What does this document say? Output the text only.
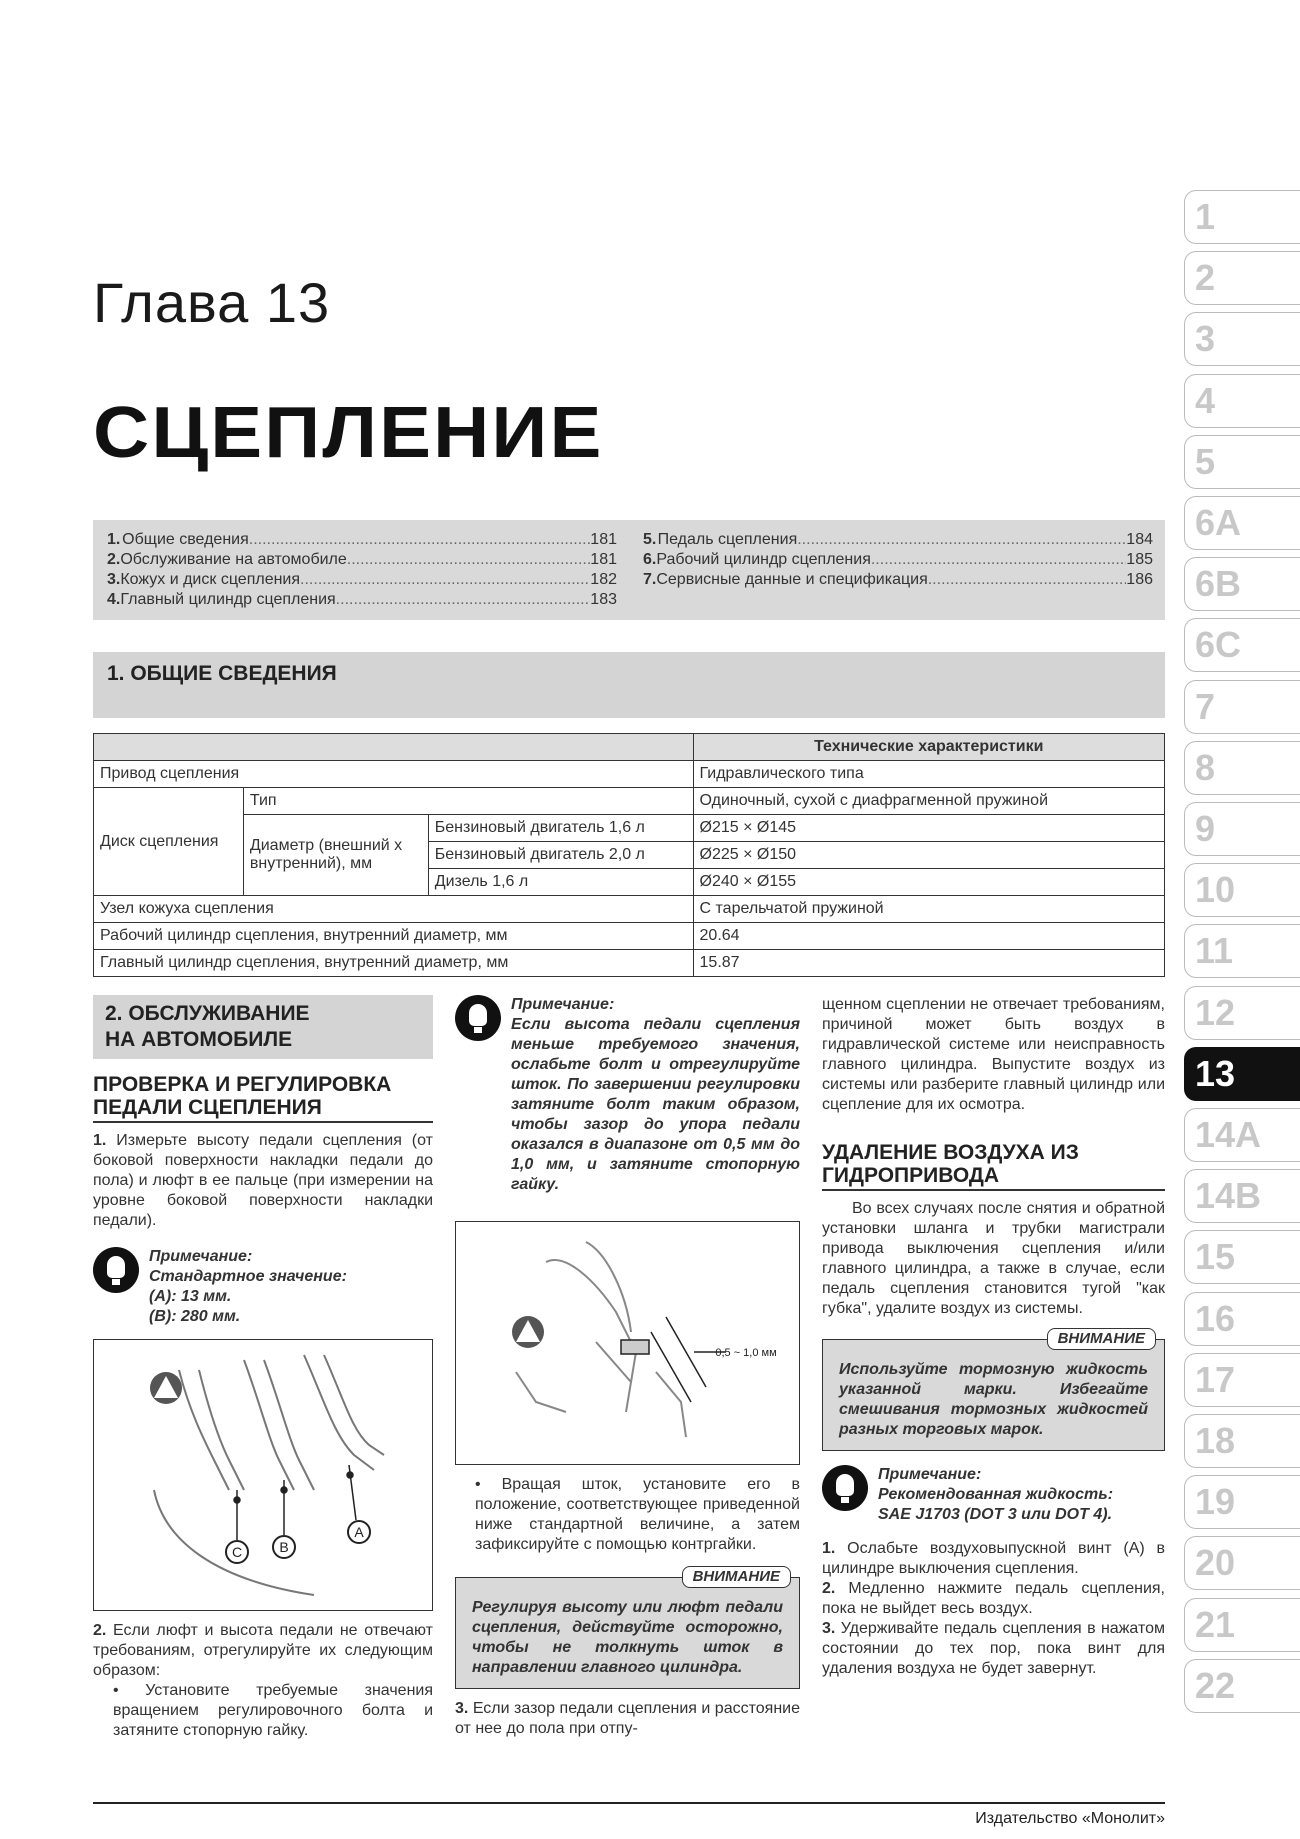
Глава 13
СЦЕПЛЕНИЕ
1. Общие сведения .....	181
2. Обслуживание на автомобиле .....	181
3. Кожух и диск сцепления .....	182
4. Главный цилиндр сцепления .....	183
5. Педаль сцепления .....	184
6. Рабочий цилиндр сцепления .....	185
7. Сервисные данные и спецификация .....	186
1. ОБЩИЕ СВЕДЕНИЯ
			Технические характеристики
Привод сцепления			Гидравлического типа
Диск сцепления	Тип		Одиночный, сухой с диафрагменной пружиной
	Диаметр (внешний x внутренний), мм	Бензиновый двигатель 1,6 л	Ø215 × Ø145
		Бензиновый двигатель 2,0 л	Ø225 × Ø150
		Дизель 1,6 л	Ø240 × Ø155
Узел кожуха сцепления			С тарельчатой пружиной
Рабочий цилиндр сцепления, внутренний диаметр, мм			20.64
Главный цилиндр сцепления, внутренний диаметр, мм			15.87
1
2
3
4
5
6A
6B
6C
7
8
9
10
11
12
13
14A
14B
15
16
17
18
19
20
21
22
2. ОБСЛУЖИВАНИЕ
НА АВТОМОБИЛЕ
ПРОВЕРКА И РЕГУЛИРОВКА ПЕДАЛИ СЦЕПЛЕНИЯ
1. Измерьте высоту педали сцепления (от боковой поверхности накладки педали до пола) и люфт в ее пальце (при измерении на уровне боковой поверхности накладки педали).
Примечание:
Стандартное значение:
(A): 13 мм.
(B): 280 мм.
C	B
A
2. Если люфт и высота педали не отвечают требованиям, отрегулируйте их следующим образом:
• Установите требуемые значения вращением регулировочного болта и затяните стопорную гайку.
Примечание:
Если высота педали сцепления меньше требуемого значения, ослабьте болт и отрегулируйте шток. По завершении регулировки затяните болт таким образом, чтобы зазор до упора педали оказался в диапазоне от 0,5 мм до 1,0 мм, и затяните стопорную гайку.
0,5 ~ 1,0 мм
• Вращая шток, установите его в положение, соответствующее приведенной ниже стандартной величине, а затем зафиксируйте с помощью контргайки.
ВНИМАНИЕ
Регулируя высоту или люфт педали сцепления, действуйте осторожно, чтобы не толкнуть шток в направлении главного цилиндра.
3. Если зазор педали сцепления и расстояние от нее до пола при отпу-
щенном сцеплении не отвечает требованиям, причиной может быть воздух в гидравлической системе или неисправность главного цилиндра. Выпустите воздух из системы или разберите главный цилиндр или сцепление для их осмотра.
УДАЛЕНИЕ ВОЗДУХА ИЗ ГИДРОПРИВОДА
Во всех случаях после снятия и обратной установки шланга и трубки магистрали привода выключения сцепления и/или главного цилиндра, а также в случае, если педаль сцепления становится тугой "как губка", удалите воздух из системы.
ВНИМАНИЕ
Используйте тормозную жидкость указанной марки. Избегайте смешивания тормозных жидкостей разных торговых марок.
Примечание:
Рекомендованная жидкость:
SAE J1703 (DOT 3 или DOT 4).
1. Ослабьте воздуховыпускной винт (А) в цилиндре выключения сцепления.
2. Медленно нажмите педаль сцепления, пока не выйдет весь воздух.
3. Удерживайте педаль сцепления в нажатом состоянии до тех пор, пока винт для удаления воздуха не будет завернут.
Издательство «Монолит»
